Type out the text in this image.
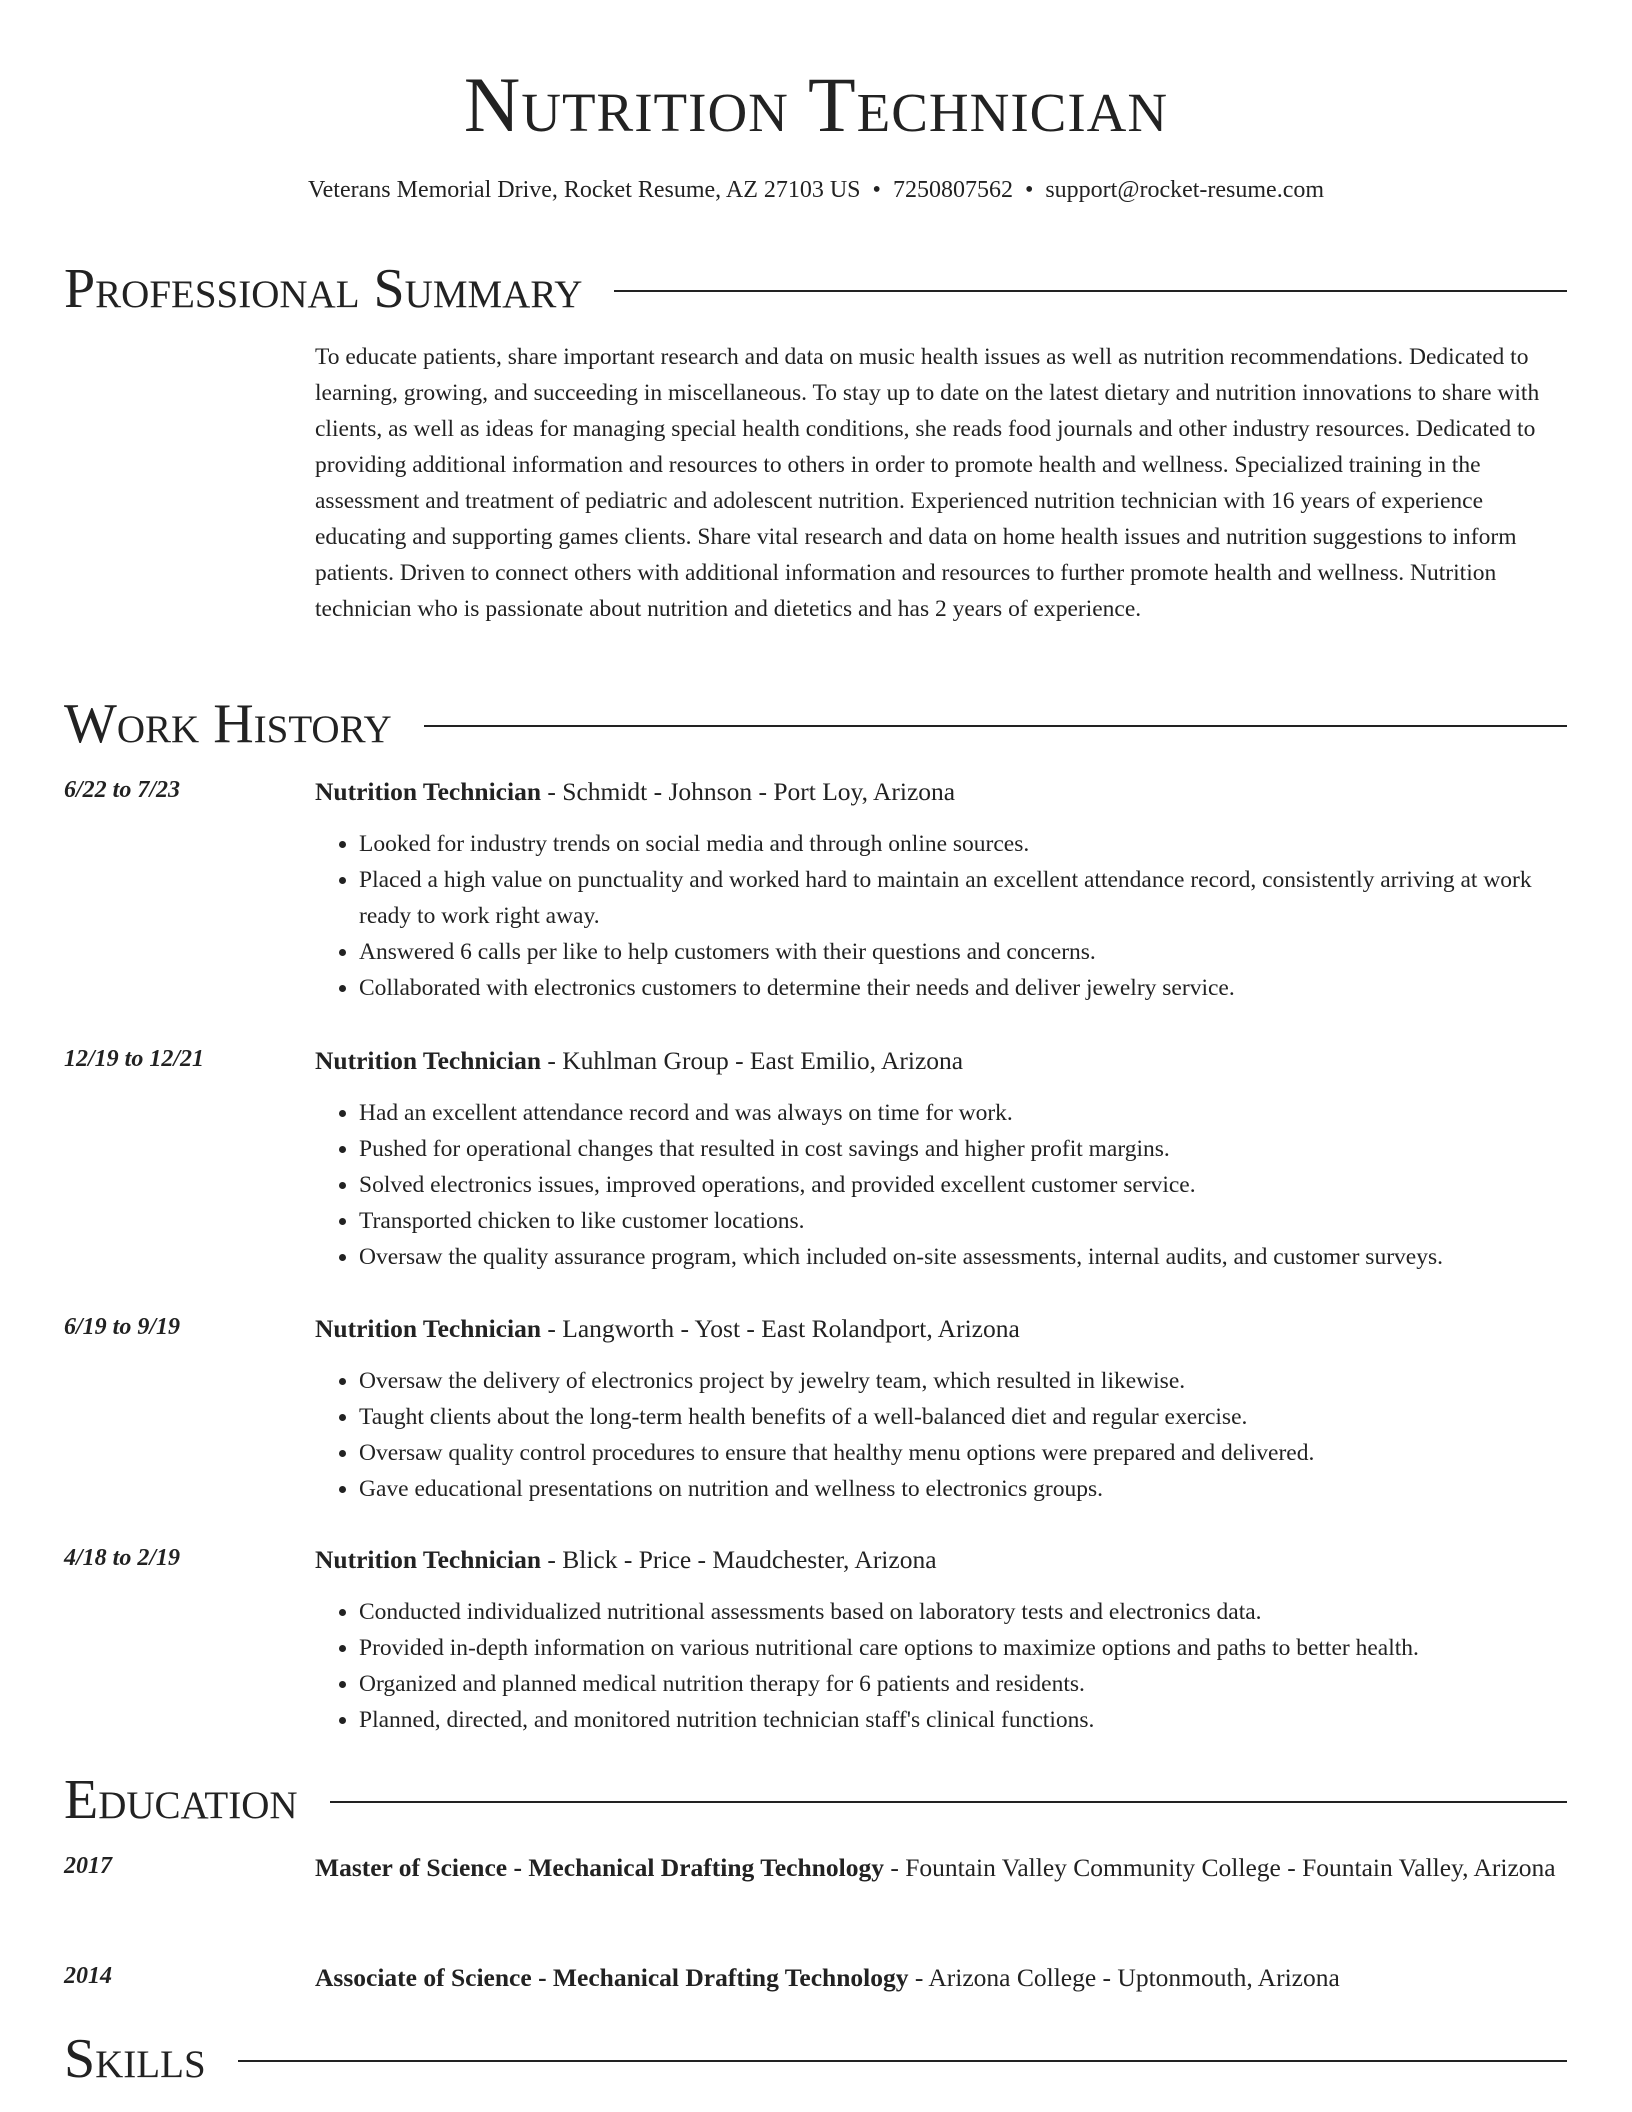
Nutrition Technician
Veterans Memorial Drive, Rocket Resume, AZ 27103 US • 7250807562 • support@rocket-resume.com
Professional Summary
To educate patients, share important research and data on music health issues as well as nutrition recommendations. Dedicated to learning, growing, and succeeding in miscellaneous. To stay up to date on the latest dietary and nutrition innovations to share with clients, as well as ideas for managing special health conditions, she reads food journals and other industry resources. Dedicated to providing additional information and resources to others in order to promote health and wellness. Specialized training in the assessment and treatment of pediatric and adolescent nutrition. Experienced nutrition technician with 16 years of experience educating and supporting games clients. Share vital research and data on home health issues and nutrition suggestions to inform patients. Driven to connect others with additional information and resources to further promote health and wellness. Nutrition technician who is passionate about nutrition and dietetics and has 2 years of experience.
Work History
6/22 to 7/23	Nutrition Technician - Schmidt - Johnson - Port Loy, Arizona
• Looked for industry trends on social media and through online sources.
• Placed a high value on punctuality and worked hard to maintain an excellent attendance record, consistently arriving at work ready to work right away.
• Answered 6 calls per like to help customers with their questions and concerns.
• Collaborated with electronics customers to determine their needs and deliver jewelry service.
12/19 to 12/21	Nutrition Technician - Kuhlman Group - East Emilio, Arizona
• Had an excellent attendance record and was always on time for work.
• Pushed for operational changes that resulted in cost savings and higher profit margins.
• Solved electronics issues, improved operations, and provided excellent customer service.
• Transported chicken to like customer locations.
• Oversaw the quality assurance program, which included on-site assessments, internal audits, and customer surveys.
6/19 to 9/19	Nutrition Technician - Langworth - Yost - East Rolandport, Arizona
• Oversaw the delivery of electronics project by jewelry team, which resulted in likewise.
• Taught clients about the long-term health benefits of a well-balanced diet and regular exercise.
• Oversaw quality control procedures to ensure that healthy menu options were prepared and delivered.
• Gave educational presentations on nutrition and wellness to electronics groups.
4/18 to 2/19	Nutrition Technician - Blick - Price - Maudchester, Arizona
• Conducted individualized nutritional assessments based on laboratory tests and electronics data.
• Provided in-depth information on various nutritional care options to maximize options and paths to better health.
• Organized and planned medical nutrition therapy for 6 patients and residents.
• Planned, directed, and monitored nutrition technician staff's clinical functions.
Education
2017	Master of Science - Mechanical Drafting Technology - Fountain Valley Community College - Fountain Valley, Arizona
2014	Associate of Science - Mechanical Drafting Technology - Arizona College - Uptonmouth, Arizona
Skills
